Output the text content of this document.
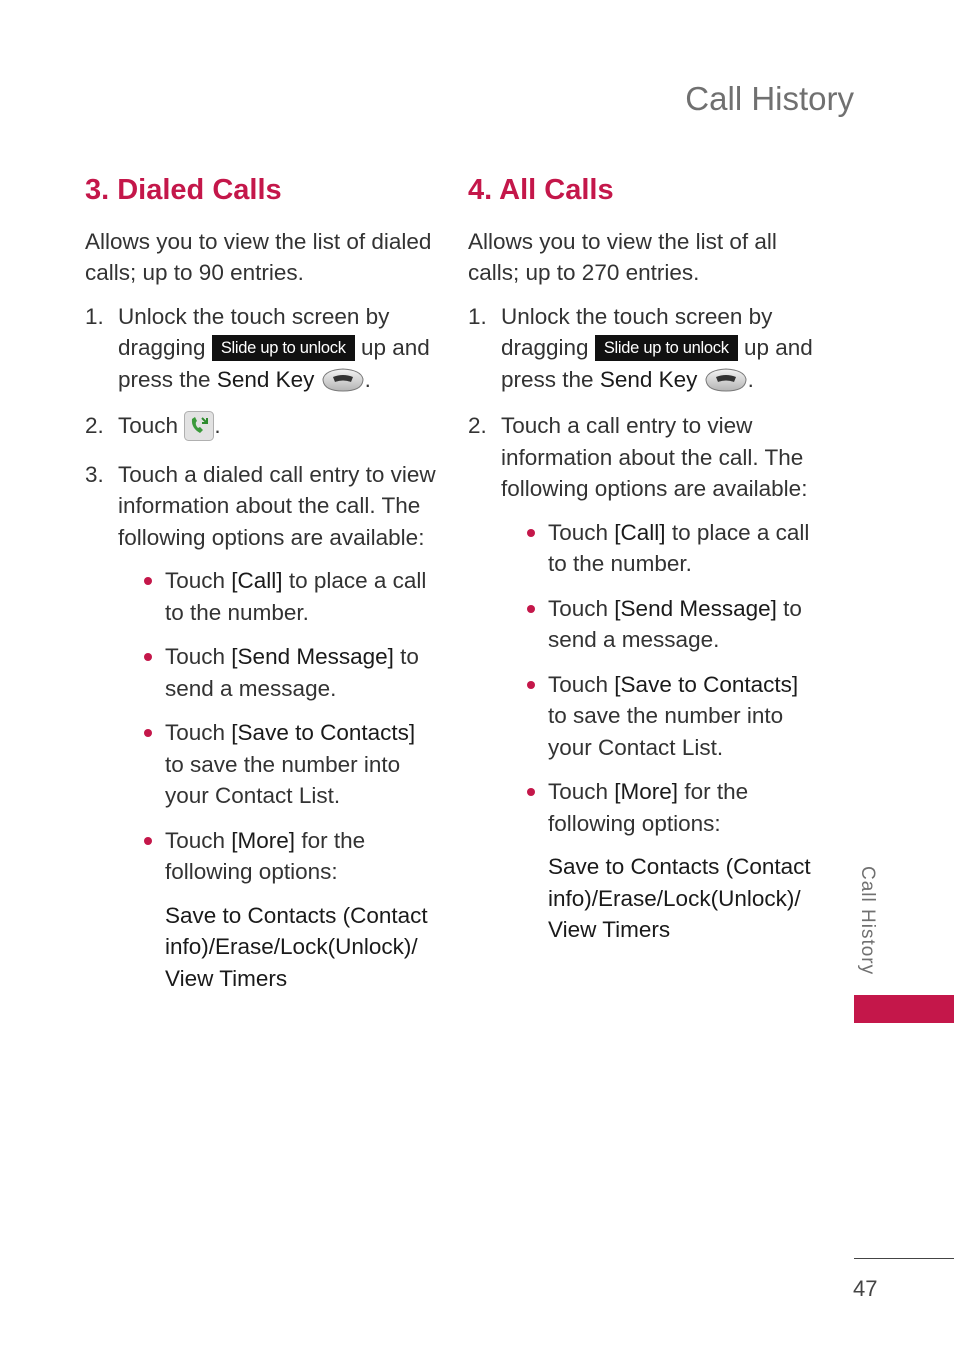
Call History
3. Dialed Calls

Allows you to view the list of dialed calls; up to 90 entries.

1. Unlock the touch screen by dragging Slide up to unlock up and press the Send Key .
2. Touch .
3. Touch a dialed call entry to view information about the call. The following options are available:
Touch [Call] to place a call to the number.
Touch [Send Message] to send a message.
Touch [Save to Contacts] to save the number into your Contact List.
Touch [More] for the following options:
Save to Contacts (Contact info)/Erase/Lock(Unlock)/ View Timers
4. All Calls

Allows you to view the list of all calls; up to 270 entries.

1. Unlock the touch screen by dragging Slide up to unlock up and press the Send Key .
2. Touch a call entry to view information about the call. The following options are available:
Touch [Call] to place a call to the number.
Touch [Send Message] to send a message.
Touch [Save to Contacts] to save the number into your Contact List.
Touch [More] for the following options:
Save to Contacts (Contact info)/Erase/Lock(Unlock)/ View Timers	Call History
47
